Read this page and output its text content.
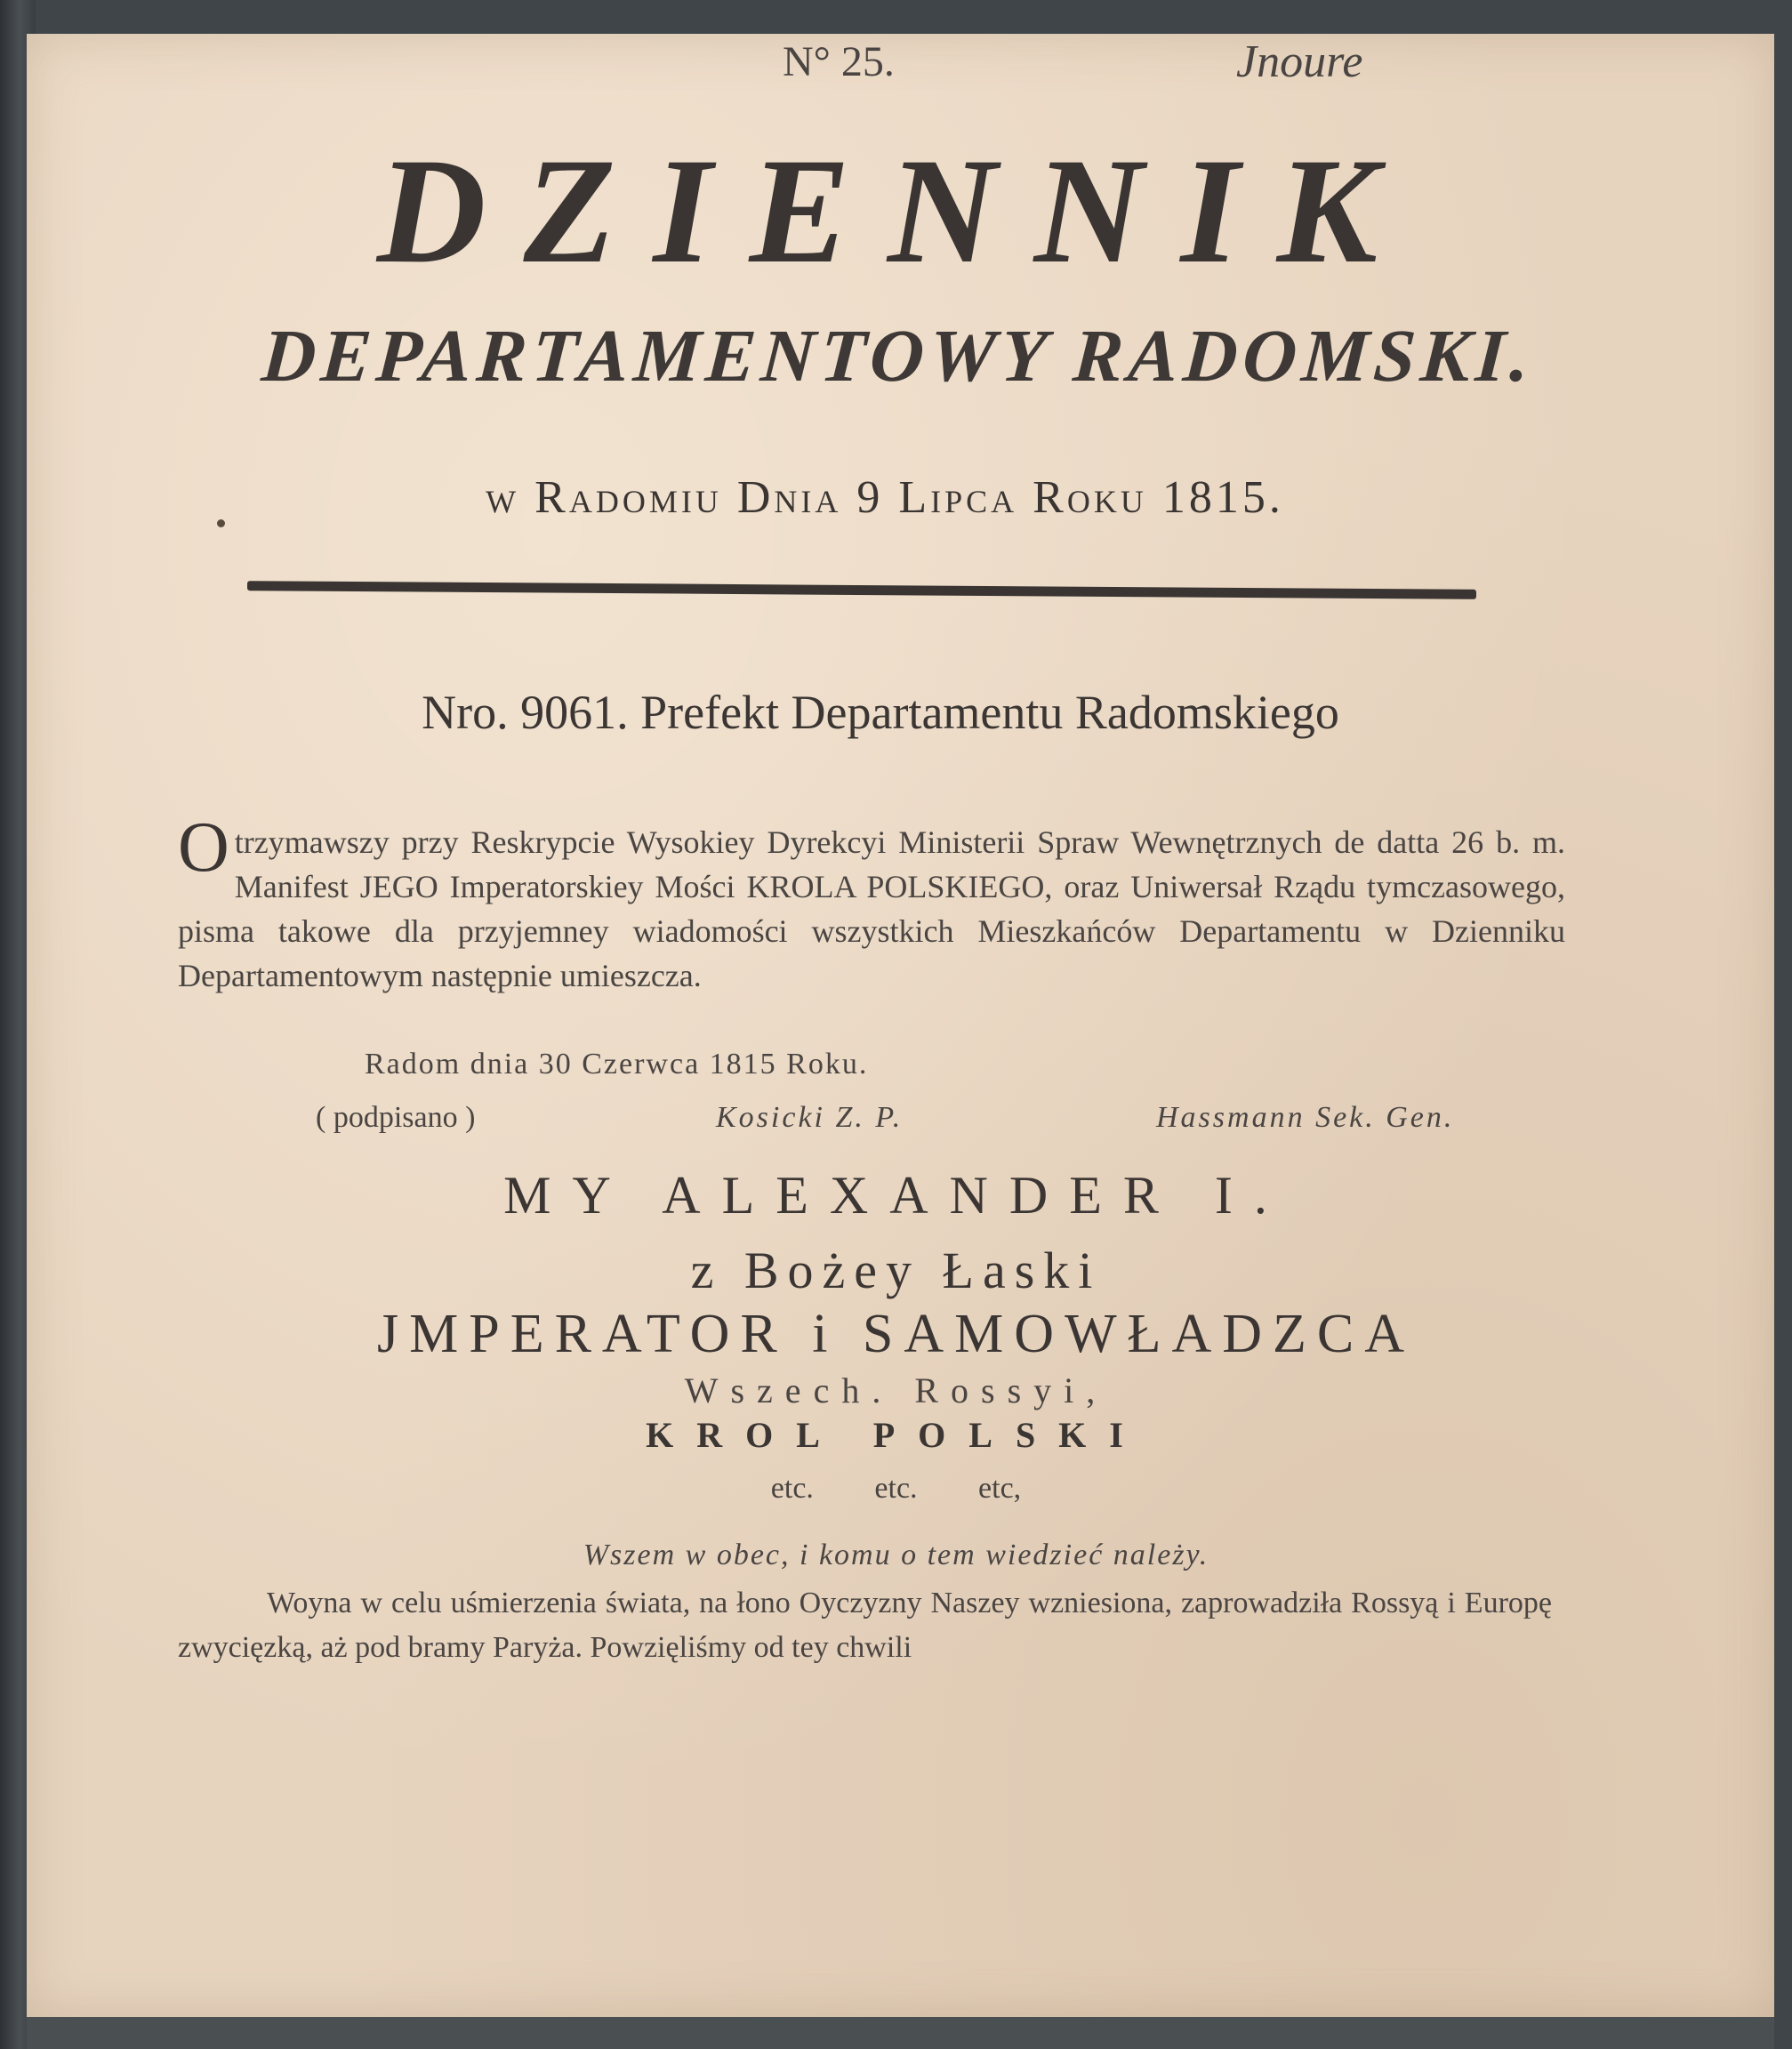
N° 25.	Jnoure
DZIENNIK
DEPARTAMENTOWY RADOMSKI.
w Radomiu Dnia 9 Lipca Roku 1815.
Nro. 9061. Prefekt Departamentu Radomskiego
O trzymawszy przy Reskrypcie Wysokiey Dyrekcyi Ministerii Spraw Wewnętrznych de datta 26 b. m. Manifest JEGO Imperatorskiey Mości KROLA POLSKIEGO, oraz Uniwersał Rządu tymczasowego, pisma takowe dla przyjemney wiadomości wszystkich Mieszkańców Departamentu w Dzienniku Departamentowym następnie umieszcza.
Radom dnia 30 Czerwca 1815 Roku.
( podpisano )	Kosicki Z. P.	Hassmann Sek. Gen.
MY ALEXANDER I.
z Bożey Łaski
JMPERATOR i SAMOWŁADZCA
Wszech. Rossyi,
KROL POLSKI
etc. etc. etc,
Wszem w obec, i komu o tem wiedzieć należy.
Woyna w celu uśmierzenia świata, na łono Oyczyzny Naszey wzniesiona, zaprowadziła Rossyą i Europę zwycięzką, aż pod bramy Paryża. Powzięliśmy od tey chwili
